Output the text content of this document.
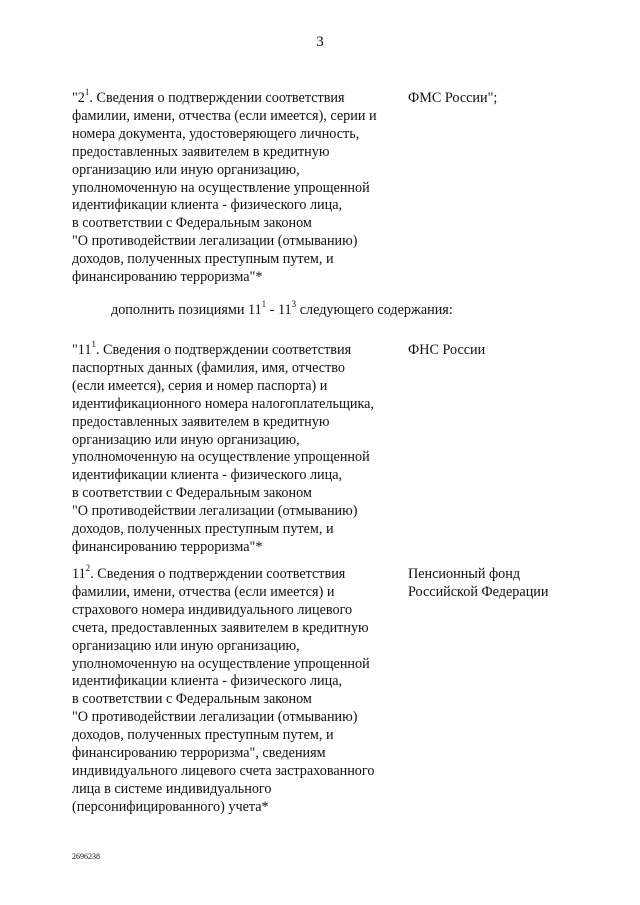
3
"$2^1$. Сведения о подтверждении соответствия
фамилии, имени, отчества (если имеется), серии и
номера документа, удостоверяющего личность,
предоставленных заявителем в кредитную
организацию или иную организацию,
уполномоченную на осуществление упрощенной
идентификации клиента - физического лица,
в соответствии с Федеральным законом
"О противодействии легализации (отмыванию)
доходов, полученных преступным путем, и
финансированию терроризма"*
ФМС России";
дополнить позициями $11^1 - 11^3$ следующего содержания:
"$11^1$. Сведения о подтверждении соответствия
паспортных данных (фамилия, имя, отчество
(если имеется), серия и номер паспорта) и
идентификационного номера налогоплательщика,
предоставленных заявителем в кредитную
организацию или иную организацию,
уполномоченную на осуществление упрощенной
идентификации клиента - физического лица,
в соответствии с Федеральным законом
"О противодействии легализации (отмыванию)
доходов, полученных преступным путем, и
финансированию терроризма"*
ФНС России
$11^2$. Сведения о подтверждении соответствия
фамилии, имени, отчества (если имеется) и
страхового номера индивидуального лицевого
счета, предоставленных заявителем в кредитную
организацию или иную организацию,
уполномоченную на осуществление упрощенной
идентификации клиента - физического лица,
в соответствии с Федеральным законом
"О противодействии легализации (отмыванию)
доходов, полученных преступным путем, и
финансированию терроризма", сведениям
индивидуального лицевого счета застрахованного
лица в системе индивидуального
(персонифицированного) учета*
Пенсионный фонд
Российской Федерации
2696238
